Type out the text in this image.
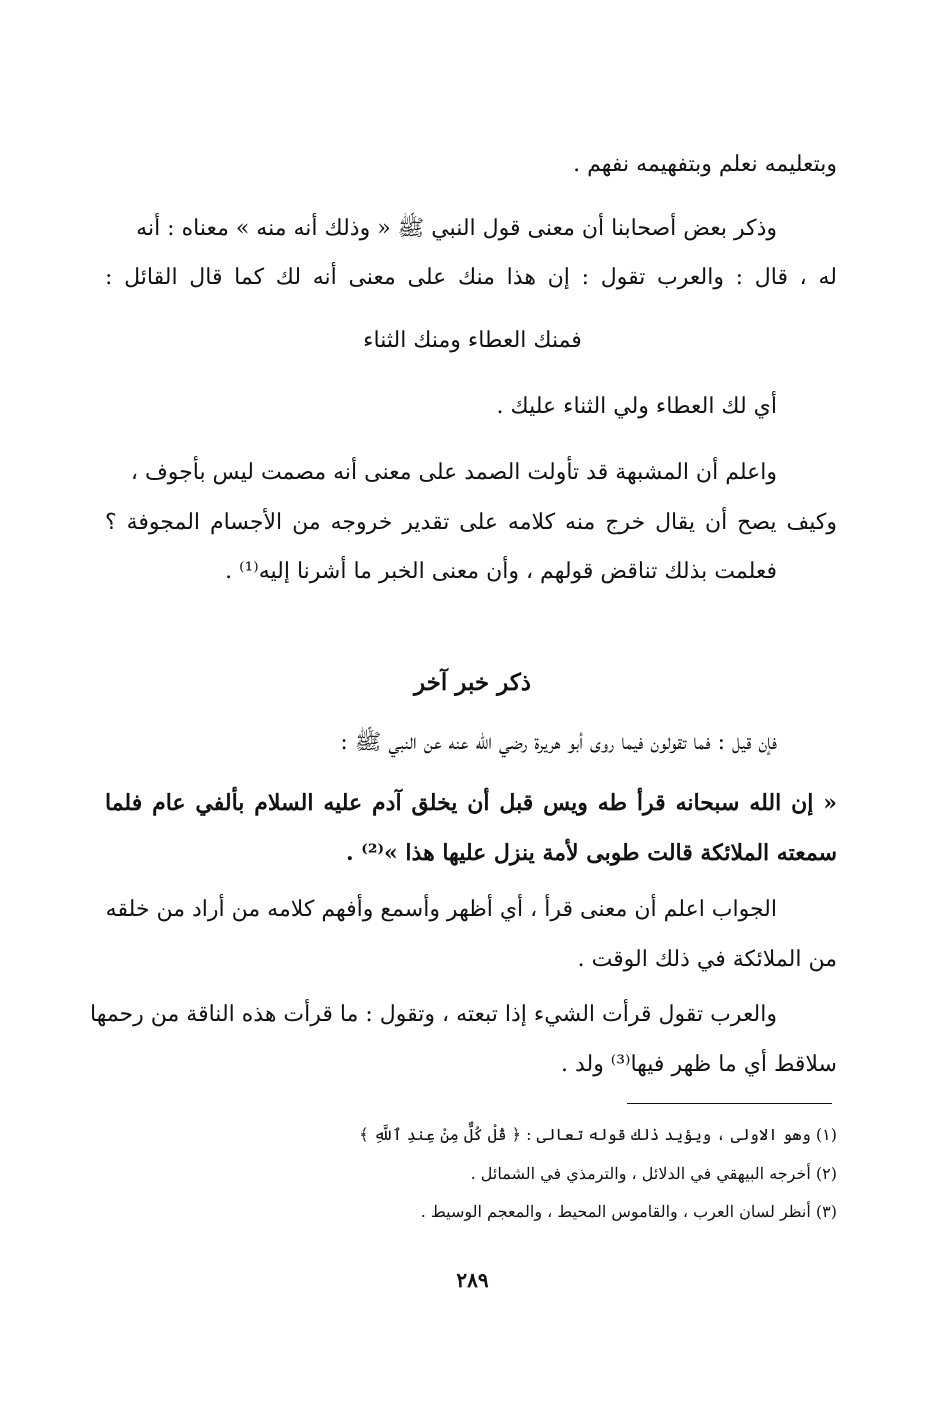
وبتعليمه نعلم وبتفهيمه نفهم .
وذكر بعض أصحابنا أن معنى قول النبي ﷺ « وذلك أنه منه » معناه : أنه
له ، قال : والعرب تقول : إن هذا منك على معنى أنه لك كما قال القائل :
فمنك العطاء ومنك الثناء
أي لك العطاء ولي الثناء عليك .
واعلم أن المشبهة قد تأولت الصمد على معنى أنه مصمت ليس بأجوف ،
وكيف يصح أن يقال خرج منه كلامه على تقدير خروجه من الأجسام المجوفة ؟
فعلمت بذلك تناقض قولهم ، وأن معنى الخبر ما أشرنا إليه⁽¹⁾ .
ذكر خبر آخر
فإن قيل : فما تقولون فيما روى أبو هريرة رضي الله عنه عن النبي ﷺ :
« إن الله سبحانه قرأ طه ويس قبل أن يخلق آدم عليه السلام بألفي عام فلما
سمعته الملائكة قالت طوبى لأمة ينزل عليها هذا »⁽²⁾ .
الجواب اعلم أن معنى قرأ ، أي أظهر وأسمع وأفهم كلامه من أراد من خلقه
من الملائكة في ذلك الوقت .
والعرب تقول قرأت الشيء إذا تبعته ، وتقول : ما قرأت هذه الناقة من رحمها
سلاقط أي ما ظهر فيها⁽³⁾ ولد .
(١) وهو الاولى ، ويؤيد ذلك قوله تعالى : ﴿ قُلْ كُلٌّ مِنْ عِندِ ٱللَّهِ ﴾
(٢) أخرجه البيهقي في الدلائل ، والترمذي في الشمائل .
(٣) أنظر لسان العرب ، والقاموس المحيط ، والمعجم الوسيط .
٢٨٩
